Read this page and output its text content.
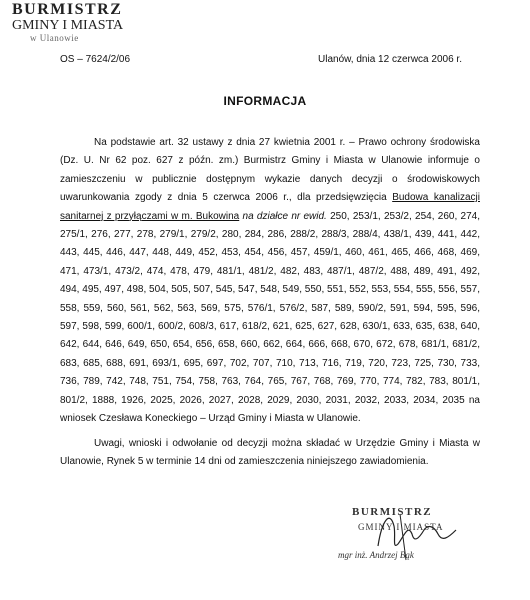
BURMISTRZ
GMINY I MIASTA
w Ulanowie
OS – 7624/2/06	Ulanów, dnia 12 czerwca 2006 r.
INFORMACJA

Na podstawie art. 32 ustawy z dnia 27 kwietnia 2001 r. – Prawo ochrony środowiska (Dz. U. Nr 62 poz. 627 z późn. zm.) Burmistrz Gminy i Miasta w Ulanowie informuje o zamieszczeniu w publicznie dostępnym wykazie danych decyzji o środowiskowych uwarunkowania zgody z dnia 5 czerwca 2006 r., dla przedsięwzięcia Budowa kanalizacji sanitarnej z przyłączami w m. Bukowina na działce nr ewid. 250, 253/1, 253/2, 254, 260, 274, 275/1, 276, 277, 278, 279/1, 279/2, 280, 284, 286, 288/2, 288/3, 288/4, 438/1, 439, 441, 442, 443, 445, 446, 447, 448, 449, 452, 453, 454, 456, 457, 459/1, 460, 461, 465, 466, 468, 469, 471, 473/1, 473/2, 474, 478, 479, 481/1, 481/2, 482, 483, 487/1, 487/2, 488, 489, 491, 492, 494, 495, 497, 498, 504, 505, 507, 545, 547, 548, 549, 550, 551, 552, 553, 554, 555, 556, 557, 558, 559, 560, 561, 562, 563, 569, 575, 576/1, 576/2, 587, 589, 590/2, 591, 594, 595, 596, 597, 598, 599, 600/1, 600/2, 608/3, 617, 618/2, 621, 625, 627, 628, 630/1, 633, 635, 638, 640, 642, 644, 646, 649, 650, 654, 656, 658, 660, 662, 664, 666, 668, 670, 672, 678, 681/1, 681/2, 683, 685, 688, 691, 693/1, 695, 697, 702, 707, 710, 713, 716, 719, 720, 723, 725, 730, 733, 736, 789, 742, 748, 751, 754, 758, 763, 764, 765, 767, 768, 769, 770, 774, 782, 783, 801/1, 801/2, 1888, 1926, 2025, 2026, 2027, 2028, 2029, 2030, 2031, 2032, 2033, 2034, 2035 na wniosek Czesława Koneckiego – Urząd Gminy i Miasta w Ulanowie.

Uwagi, wnioski i odwołanie od decyzji można składać w Urzędzie Gminy i Miasta w Ulanowie, Rynek 5 w terminie 14 dni od zamieszczenia niniejszego zawiadomienia.

BURMISTRZ
GMINY I MIASTA
mgr inż. Andrzej Bąk
